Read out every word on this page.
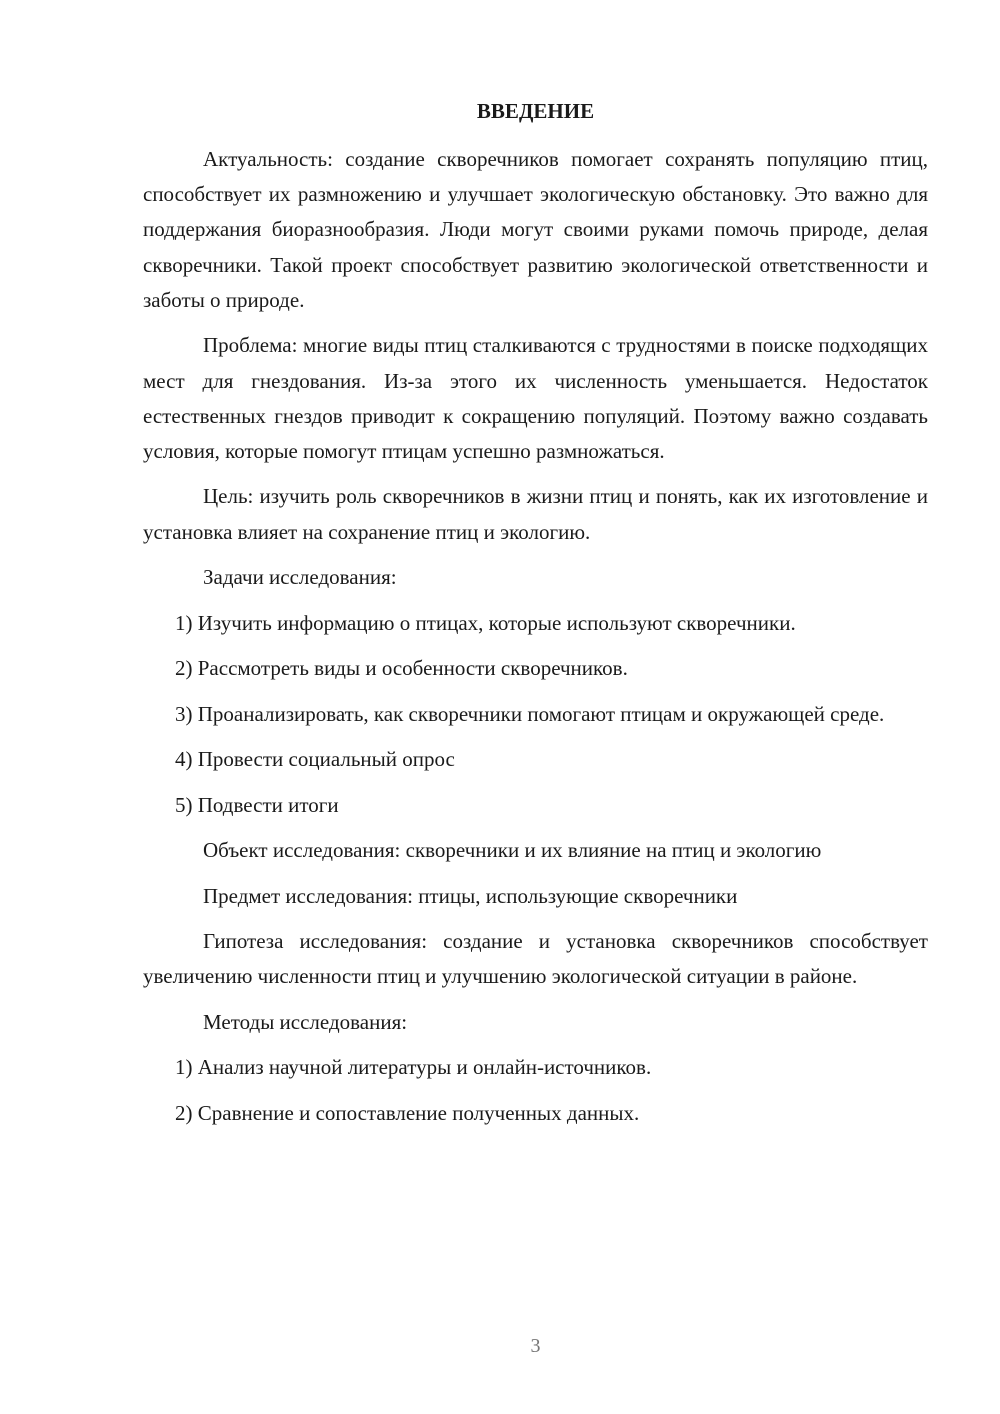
ВВЕДЕНИЕ

Актуальность: создание скворечников помогает сохранять популяцию птиц, способствует их размножению и улучшает экологическую обстановку. Это важно для поддержания биоразнообразия. Люди могут своими руками помочь природе, делая скворечники. Такой проект способствует развитию экологической ответственности и заботы о природе.

Проблема: многие виды птиц сталкиваются с трудностями в поиске подходящих мест для гнездования. Из-за этого их численность уменьшается. Недостаток естественных гнездов приводит к сокращению популяций. Поэтому важно создавать условия, которые помогут птицам успешно размножаться.

Цель: изучить роль скворечников в жизни птиц и понять, как их изготовление и установка влияет на сохранение птиц и экологию.

Задачи исследования:

1) Изучить информацию о птицах, которые используют скворечники.

2) Рассмотреть виды и особенности скворечников.

3) Проанализировать, как скворечники помогают птицам и окружающей среде.

4) Провести социальный опрос

5) Подвести итоги

Объект исследования: скворечники и их влияние на птиц и экологию

Предмет исследования: птицы, использующие скворечники

Гипотеза исследования: создание и установка скворечников способствует увеличению численности птиц и улучшению экологической ситуации в районе.

Методы исследования:

1) Анализ научной литературы и онлайн-источников.

2) Сравнение и сопоставление полученных данных.

3
